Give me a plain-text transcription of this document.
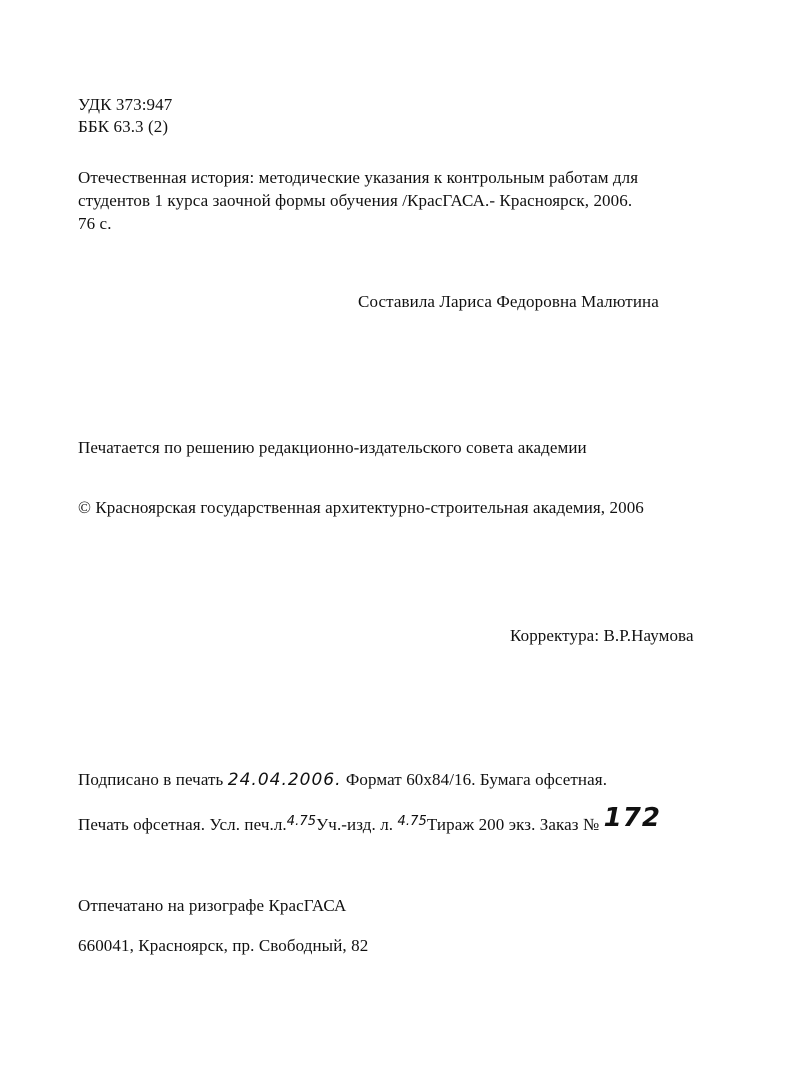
УДК 373:947
ББК 63.3 (2)
Отечественная история: методические указания к контрольным работам для
студентов 1 курса заочной формы обучения /КрасГАСА.- Красноярск, 2006.
76 с.
Составила Лариса Федоровна Малютина
Печатается по решению редакционно-издательского совета академии
© Красноярская государственная архитектурно-строительная академия, 2006
Корректура: В.Р.Наумова
Подписано в печать 24.04.2006. Формат 60х84/16. Бумага офсетная.
Печать офсетная. Усл. печ.л.$^{4.75}$Уч.-изд. л. $^{4.75}$Тираж 200 экз. Заказ № 172
Отпечатано на ризографе КрасГАСА
660041, Красноярск, пр. Свободный, 82
